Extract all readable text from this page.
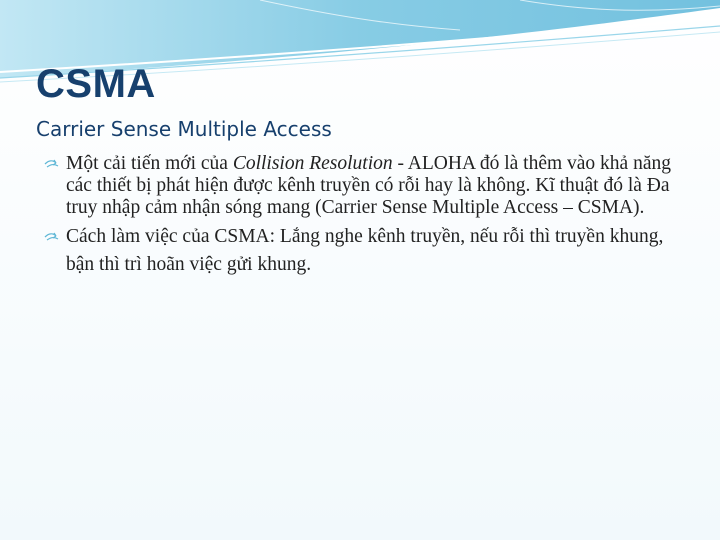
CSMA
Carrier Sense Multiple Access
Một cải tiến mới của Collision Resolution - ALOHA đó là thêm vào khả năng các thiết bị phát hiện được kênh truyền có rỗi hay là không. Kĩ thuật đó là Đa truy nhập cảm nhận sóng mang (Carrier Sense Multiple Access – CSMA).
Cách làm việc của CSMA: Lắng nghe kênh truyền, nếu rỗi thì truyền khung, bận thì trì hoãn việc gửi khung.
